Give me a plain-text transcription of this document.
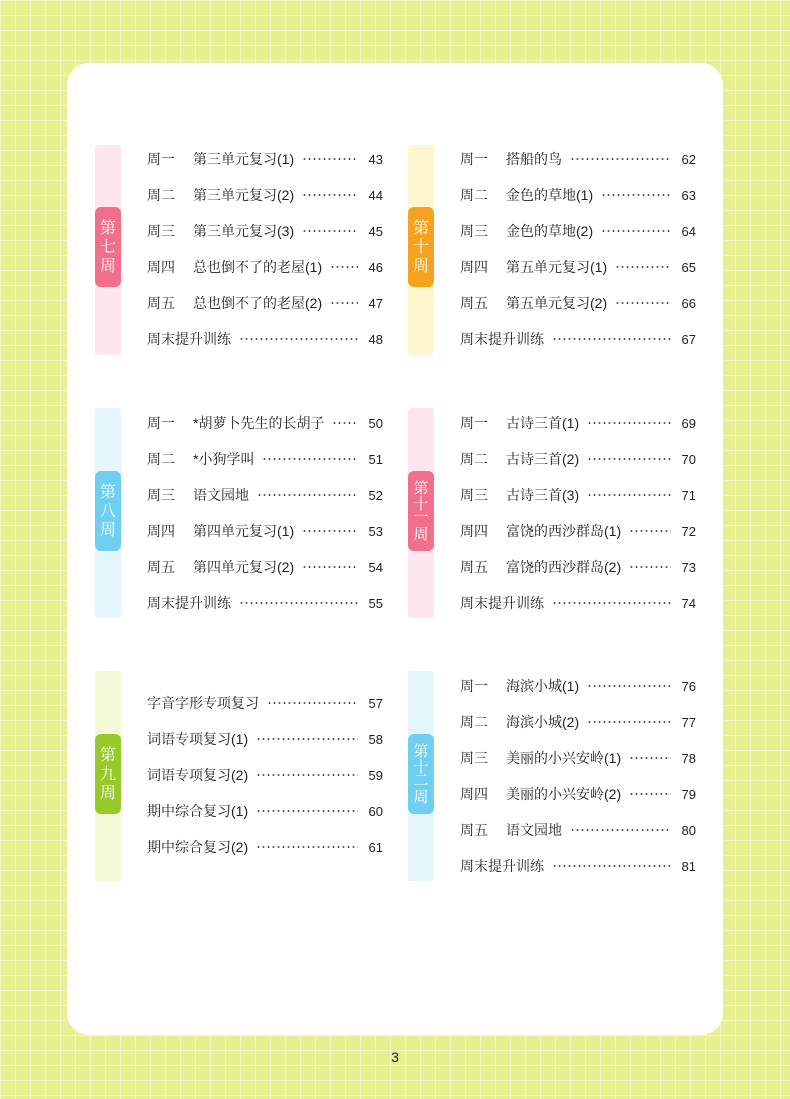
第
七
周
周一	第三单元复习(1)	43
周二	第三单元复习(2)	44
周三	第三单元复习(3)	45
周四	总也倒不了的老屋(1)	46
周五	总也倒不了的老屋(2)	47
周末提升训练	48
第
十
周
周一	搭船的鸟	62
周二	金色的草地(1)	63
周三	金色的草地(2)	64
周四	第五单元复习(1)	65
周五	第五单元复习(2)	66
周末提升训练	67
第
八
周
周一	*胡萝卜先生的长胡子	50
周二	*小狗学叫	51
周三	语文园地	52
周四	第四单元复习(1)	53
周五	第四单元复习(2)	54
周末提升训练	55
第
十
一
周
周一	古诗三首(1)	69
周二	古诗三首(2)	70
周三	古诗三首(3)	71
周四	富饶的西沙群岛(1)	72
周五	富饶的西沙群岛(2)	73
周末提升训练	74
第
九
周
字音字形专项复习	57
词语专项复习(1)	58
词语专项复习(2)	59
期中综合复习(1)	60
期中综合复习(2)	61
第
十
二
周
周一	海滨小城(1)	76
周二	海滨小城(2)	77
周三	美丽的小兴安岭(1)	78
周四	美丽的小兴安岭(2)	79
周五	语文园地	80
周末提升训练	81
3
